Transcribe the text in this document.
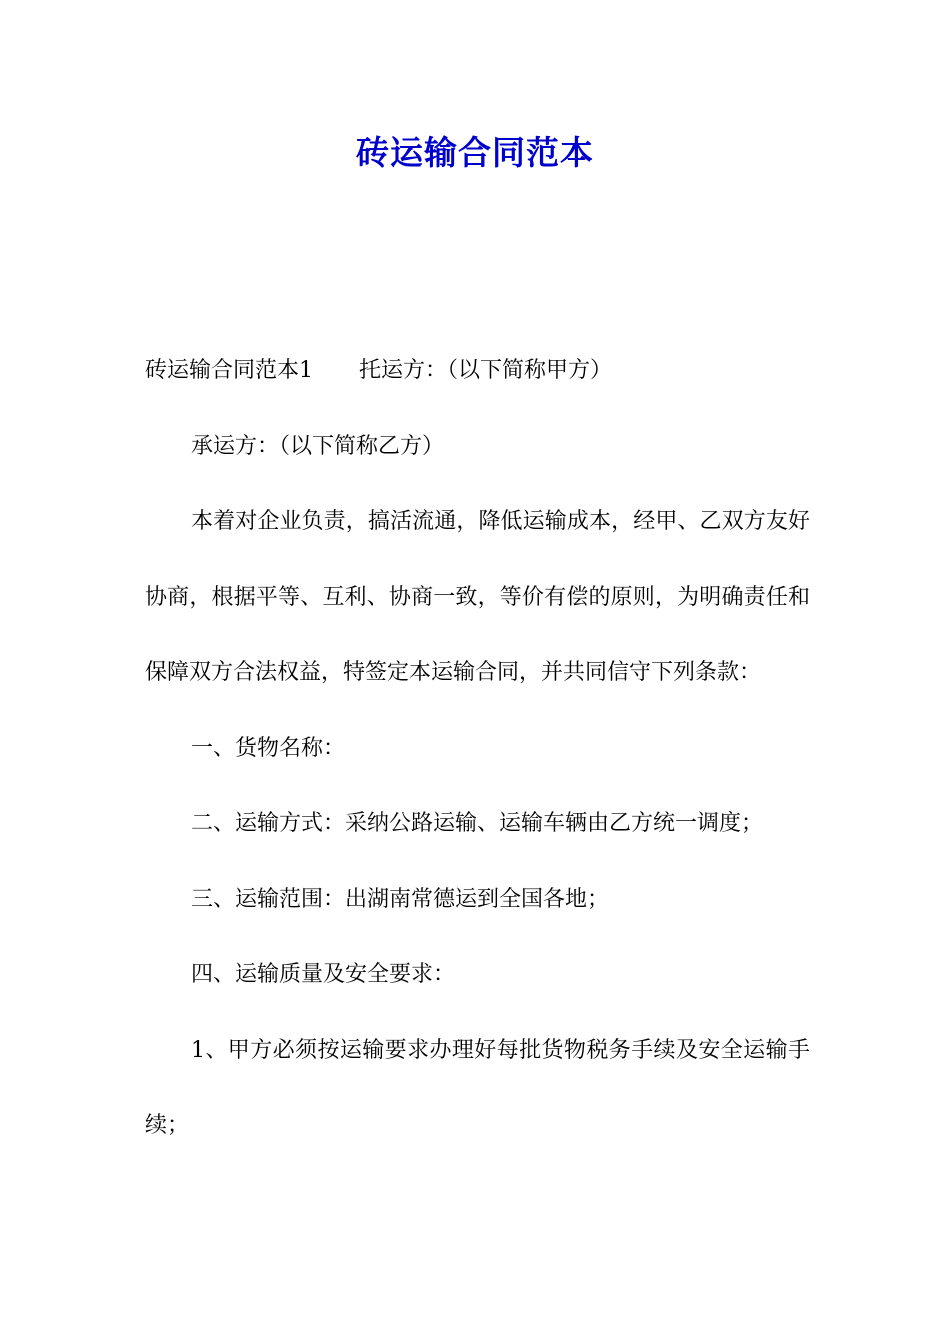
砖运输合同范本

砖运输合同范本1 托运方：（以下简称甲方）

承运方：（以下简称乙方）

本着对企业负责，搞活流通，降低运输成本，经甲、乙双方友好协商，根据平等、互利、协商一致，等价有偿的原则，为明确责任和保障双方合法权益，特签定本运输合同，并共同信守下列条款：

一、货物名称：

二、运输方式：采纳公路运输、运输车辆由乙方统一调度；

三、运输范围：出湖南常德运到全国各地；

四、运输质量及安全要求：

1、甲方必须按运输要求办理好每批货物税务手续及安全运输手续；
